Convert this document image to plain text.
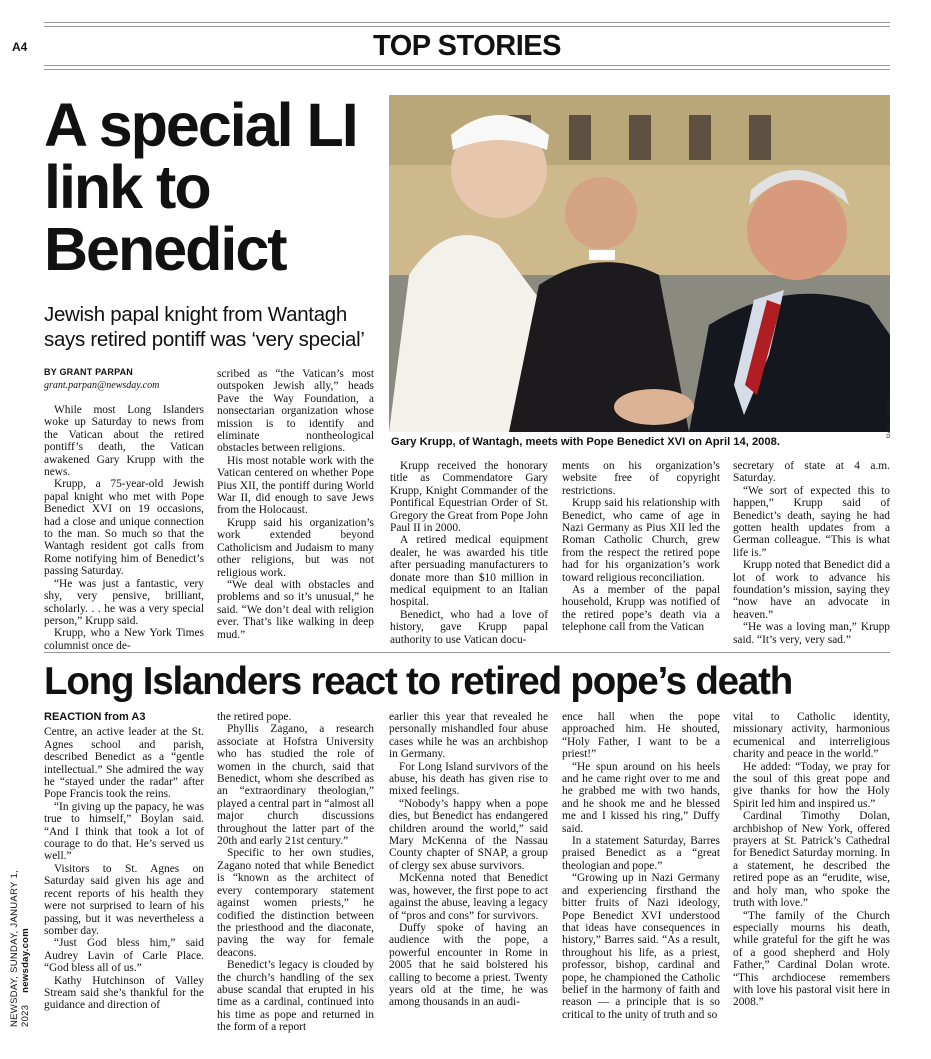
A4	TOP STORIES
A special LI link to Benedict
Jewish papal knight from Wantagh says retired pontiff was ‘very special’
BY GRANT PARPAN
grant.parpan@newsday.com
GARY KRUPP
Gary Krupp, of Wantagh, meets with Pope Benedict XVI on April 14, 2008.

While most Long Islanders woke up Saturday to news from the Vatican about the retired pontiff’s death, the Vatican awakened Gary Krupp with the news.

Krupp, a 75-year-old Jewish papal knight who met with Pope Benedict XVI on 19 occasions, had a close and unique connection to the man. So much so that the Wantagh resident got calls from Rome notifying him of Benedict’s passing Saturday.

“He was just a fantastic, very shy, very pensive, brilliant, scholarly. . . he was a very special person,” Krupp said.

Krupp, who a New York Times columnist once de-

scribed as “the Vatican’s most outspoken Jewish ally,” heads Pave the Way Foundation, a nonsectarian organization whose mission is to identify and eliminate nontheological obstacles between religions.

His most notable work with the Vatican centered on whether Pope Pius XII, the pontiff during World War II, did enough to save Jews from the Holocaust.

Krupp said his organization’s work extended beyond Catholicism and Judaism to many other religions, but was not religious work.

“We deal with obstacles and problems and so it’s unusual,” he said. “We don’t deal with religion ever. That’s like walking in deep mud.”

Krupp received the honorary title as Commendatore Gary Krupp, Knight Commander of the Pontifical Equestrian Order of St. Gregory the Great from Pope John Paul II in 2000.

A retired medical equipment dealer, he was awarded his title after persuading manufacturers to donate more than $10 million in medical equipment to an Italian hospital.

Benedict, who had a love of history, gave Krupp papal authority to use Vatican docu-

ments on his organization’s website free of copyright restrictions.

Krupp said his relationship with Benedict, who came of age in Nazi Germany as Pius XII led the Roman Catholic Church, grew from the respect the retired pope had for his organization’s work toward religious reconciliation.

As a member of the papal household, Krupp was notified of the retired pope’s death via a telephone call from the Vatican

secretary of state at 4 a.m. Saturday.

“We sort of expected this to happen,” Krupp said of Benedict’s death, saying he had gotten health updates from a German colleague. “This is what life is.”

Krupp noted that Benedict did a lot of work to advance his foundation’s mission, saying they “now have an advocate in heaven.”

“He was a loving man,” Krupp said. “It’s very, very sad.”

Long Islanders react to retired pope’s death

REACTION from A3

Centre, an active leader at the St. Agnes school and parish, described Benedict as a “gentle intellectual.” She admired the way he “stayed under the radar” after Pope Francis took the reins.

“In giving up the papacy, he was true to himself,” Boylan said. “And I think that took a lot of courage to do that. He’s served us well.”

Visitors to St. Agnes on Saturday said given his age and recent reports of his health they were not surprised to learn of his passing, but it was nevertheless a somber day.

“Just God bless him,” said Audrey Lavin of Carle Place. “God bless all of us.”

Kathy Hutchinson of Valley Stream said she’s thankful for the guidance and direction of

the retired pope.

Phyllis Zagano, a research associate at Hofstra University who has studied the role of women in the church, said that Benedict, whom she described as an “extraordinary theologian,” played a central part in “almost all major church discussions throughout the latter part of the 20th and early 21st century.”

Specific to her own studies, Zagano noted that while Benedict is “known as the architect of every contemporary statement against women priests,” he codified the distinction between the priesthood and the diaconate, paving the way for female deacons.

Benedict’s legacy is clouded by the church’s handling of the sex abuse scandal that erupted in his time as a cardinal, continued into his time as pope and returned in the form of a report

earlier this year that revealed he personally mishandled four abuse cases while he was an archbishop in Germany.

For Long Island survivors of the abuse, his death has given rise to mixed feelings.

“Nobody’s happy when a pope dies, but Benedict has endangered children around the world,” said Mary McKenna of the Nassau County chapter of SNAP, a group of clergy sex abuse survivors.

McKenna noted that Benedict was, however, the first pope to act against the abuse, leaving a legacy of “pros and cons” for survivors.

Duffy spoke of having an audience with the pope, a powerful encounter in Rome in 2005 that he said bolstered his calling to become a priest. Twenty years old at the time, he was among thousands in an audi-

ence hall when the pope approached him. He shouted, “Holy Father, I want to be a priest!”

“He spun around on his heels and he came right over to me and he grabbed me with two hands, and he shook me and he blessed me and I kissed his ring,” Duffy said.

In a statement Saturday, Barres praised Benedict as a “great theologian and pope.”

“Growing up in Nazi Germany and experiencing firsthand the bitter fruits of Nazi ideology, Pope Benedict XVI understood that ideas have consequences in history,” Barres said. “As a result, throughout his life, as a priest, professor, bishop, cardinal and pope, he championed the Catholic belief in the harmony of faith and reason — a principle that is so critical to the unity of truth and so

vital to Catholic identity, missionary activity, harmonious ecumenical and interreligious charity and peace in the world.”

He added: “Today, we pray for the soul of this great pope and give thanks for how the Holy Spirit led him and inspired us.”

Cardinal Timothy Dolan, archbishop of New York, offered prayers at St. Patrick’s Cathedral for Benedict Saturday morning. In a statement, he described the retired pope as an “erudite, wise, and holy man, who spoke the truth with love.”

“The family of the Church especially mourns his death, while grateful for the gift he was of a good shepherd and Holy Father,” Cardinal Dolan wrote. “This archdiocese remembers with love his pastoral visit here in 2008.”

NEWSDAY, SUNDAY, JANUARY 1, 2023    newsday.com
